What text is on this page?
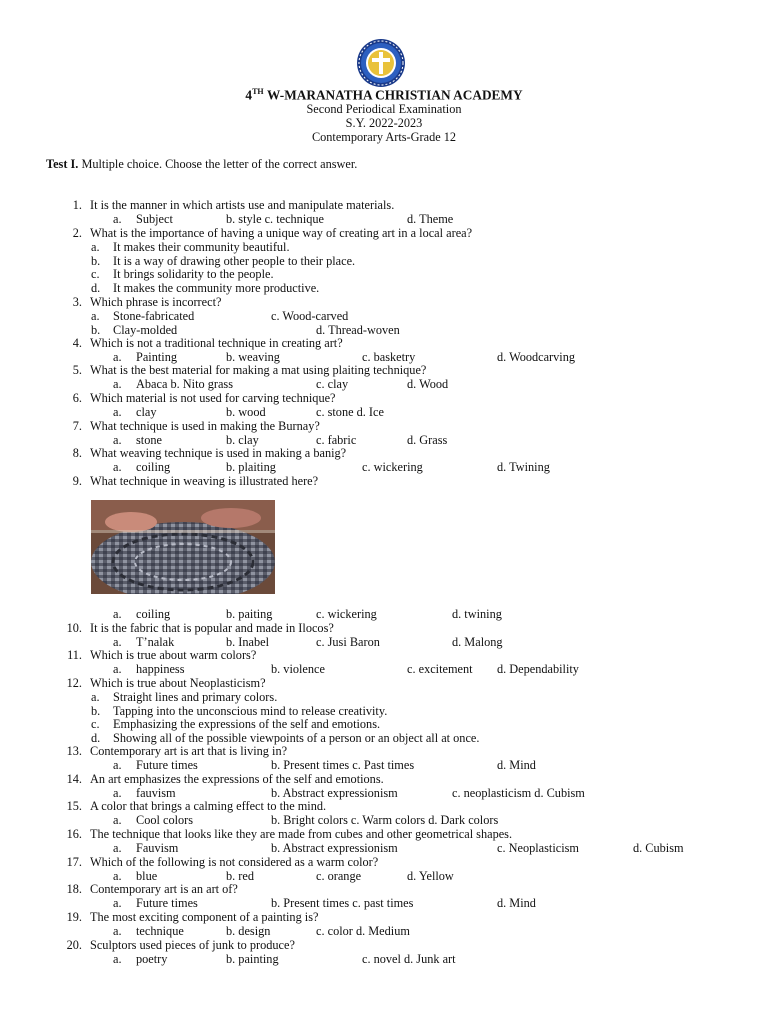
4TH W-MARANATHA CHRISTIAN ACADEMY
Second Periodical Examination
S.Y. 2022-2023
Contemporary Arts-Grade 12
Test I. Multiple choice. Choose the letter of the correct answer.
1. It is the manner in which artists use and manipulate materials.
a. Subject	b. style c. technique	d. Theme
2. What is the importance of having a unique way of creating art in a local area?
a. It makes their community beautiful.
b. It is a way of drawing other people to their place.
c. It brings solidarity to the people.
d. It makes the community more productive.
3. Which phrase is incorrect?
a. Stone-fabricated	c. Wood-carved
b. Clay-molded	d. Thread-woven
4. Which is not a traditional technique in creating art?
a. Painting	b. weaving	c. basketry	d. Woodcarving
5. What is the best material for making a mat using plaiting technique?
a. Abaca b. Nito grass	c. clay	d. Wood
6. Which material is not used for carving technique?
a. clay	b. wood	c. stone d. Ice
7. What technique is used in making the Burnay?
a. stone	b. clay	c. fabric	d. Grass
8. What weaving technique is used in making a banig?
a. coiling	b. plaiting	c. wickering	d. Twining
9. What technique in weaving is illustrated here?
a. coiling	b. paiting	c. wickering	d. twining
10. It is the fabric that is popular and made in Ilocos?
a. T’nalak	b. Inabel	c. Jusi Baron	d. Malong
11. Which is true about warm colors?
a. happiness	b. violence	c. excitement d. Dependability
12. Which is true about Neoplasticism?
a. Straight lines and primary colors.
b. Tapping into the unconscious mind to release creativity.
c. Emphasizing the expressions of the self and emotions.
d. Showing all of the possible viewpoints of a person or an object all at once.
13. Contemporary art is art that is living in?
a. Future times	b. Present times c. Past times	d. Mind
14. An art emphasizes the expressions of the self and emotions.
a. fauvism	b. Abstract expressionism	c. neoplasticism d. Cubism
15. A color that brings a calming effect to the mind.
a. Cool colors	b. Bright colors c. Warm colors d. Dark colors
16. The technique that looks like they are made from cubes and other geometrical shapes.
a. Fauvism	b. Abstract expressionism	c. Neoplasticism	d. Cubism
17. Which of the following is not considered as a warm color?
a. blue	b. red	c. orange	d. Yellow
18. Contemporary art is an art of?
a. Future times	b. Present times c. past times	d. Mind
19. The most exciting component of a painting is?
a. technique	b. design	c. color d. Medium
20. Sculptors used pieces of junk to produce?
a. poetry	b. painting	c. novel d. Junk art
